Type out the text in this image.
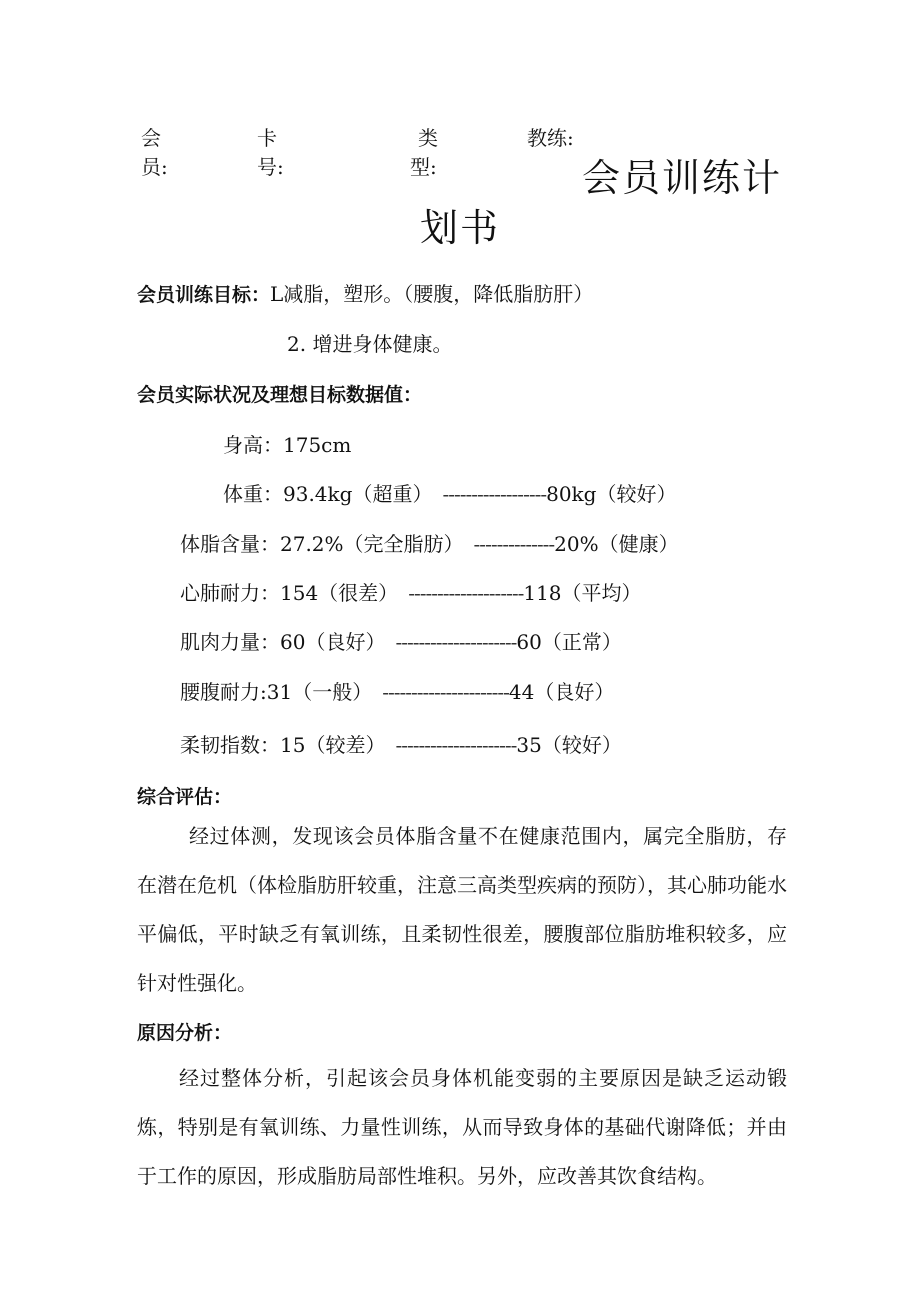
会
员:
卡
号:
类
型:
教练:
会员训练计
划书
会员训练目标：L减脂，塑形。（腰腹，降低脂肪肝）
2. 增进身体健康。
会员实际状况及理想目标数据值：
身高：175cm
体重：93.4kg（超重） ------------------80kg（较好）
体脂含量：27.2%（完全脂肪） --------------20%（健康）
心肺耐力：154（很差） --------------------118（平均）
肌肉力量：60（良好） ---------------------60（正常）
腰腹耐力:31（一般） ----------------------44（良好）
柔韧指数：15（较差） ---------------------35（较好）
综合评估：
经过体测，发现该会员体脂含量不在健康范围内，属完全脂肪，存在潜在危机（体检脂肪肝较重，注意三高类型疾病的预防），其心肺功能水平偏低，平时缺乏有氧训练，且柔韧性很差，腰腹部位脂肪堆积较多，应针对性强化。
原因分析：
经过整体分析，引起该会员身体机能变弱的主要原因是缺乏运动锻炼，特别是有氧训练、力量性训练，从而导致身体的基础代谢降低；并由于工作的原因，形成脂肪局部性堆积。另外，应改善其饮食结构。
